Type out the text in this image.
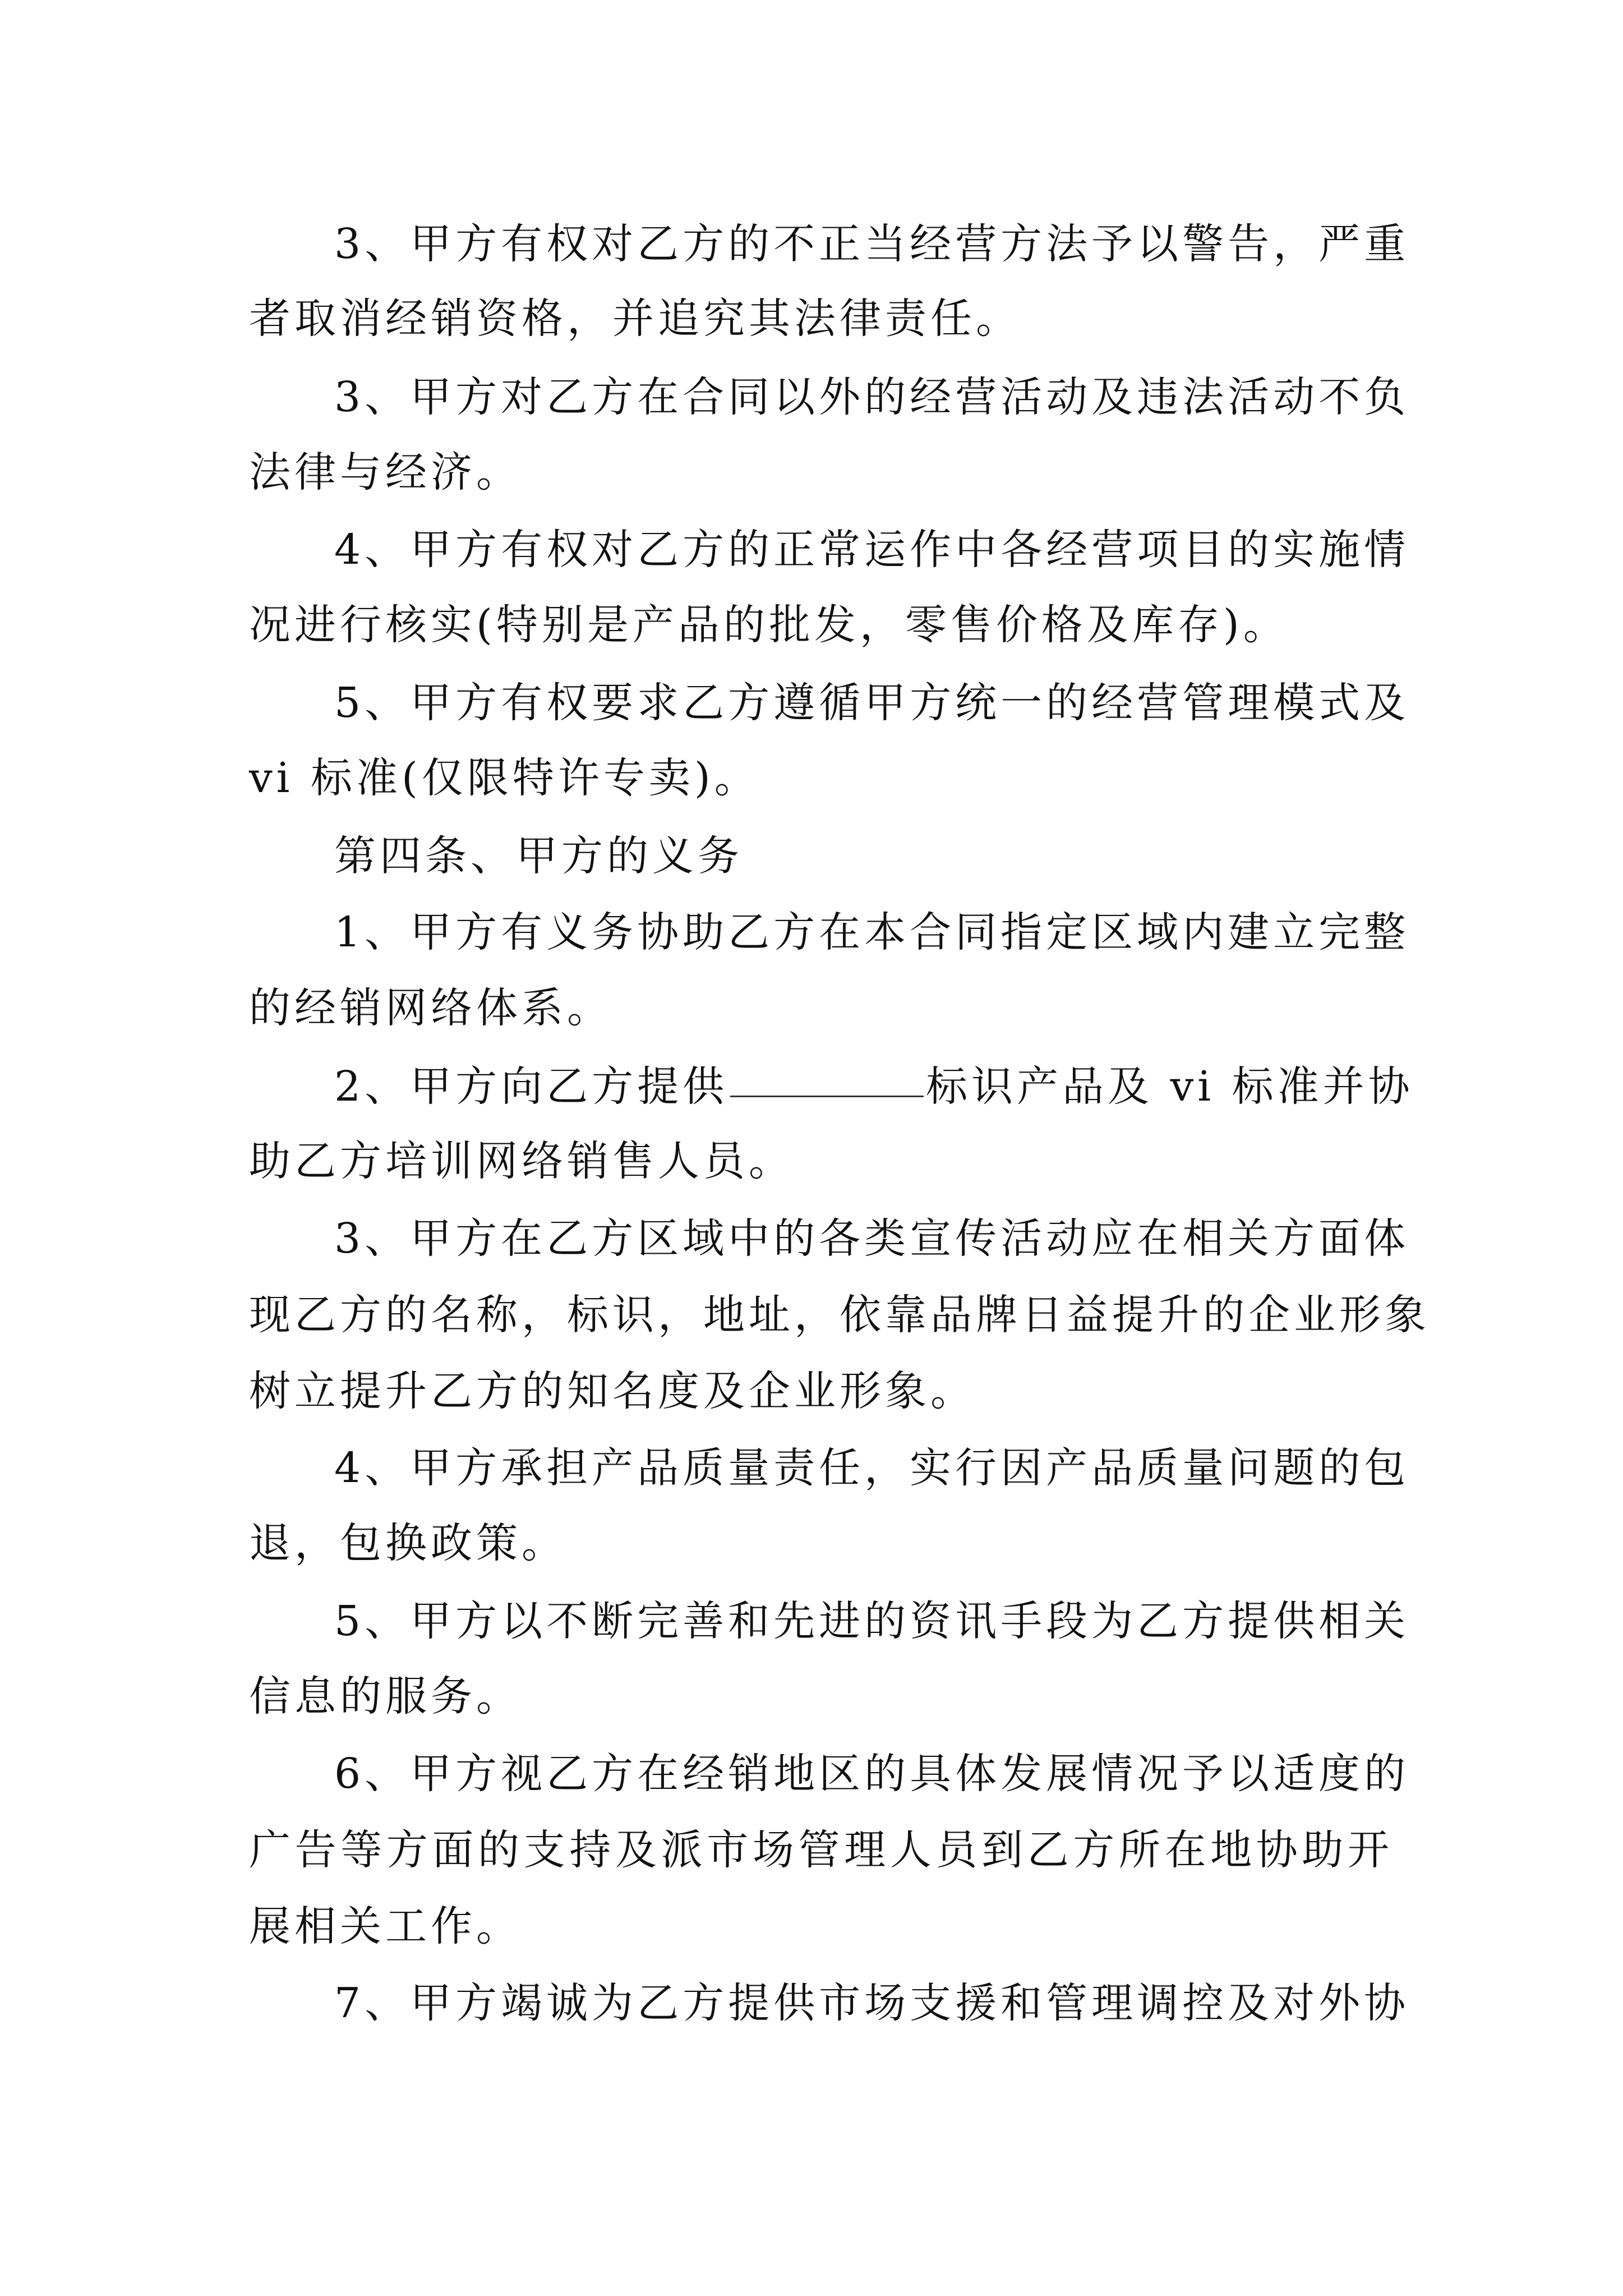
3、甲方有权对乙方的不正当经营方法予以警告，严重
者取消经销资格，并追究其法律责任。
3、甲方对乙方在合同以外的经营活动及违法活动不负
法律与经济。
4、甲方有权对乙方的正常运作中各经营项目的实施情
况进行核实(特别是产品的批发，零售价格及库存)。
5、甲方有权要求乙方遵循甲方统一的经营管理模式及
vi 标准(仅限特许专卖)。
第四条、甲方的义务
1、甲方有义务协助乙方在本合同指定区域内建立完整
的经销网络体系。
2、甲方向乙方提供	标识产品及 vi 标准并协
助乙方培训网络销售人员。
3、甲方在乙方区域中的各类宣传活动应在相关方面体
现乙方的名称，标识，地址，依靠品牌日益提升的企业形象
树立提升乙方的知名度及企业形象。
4、甲方承担产品质量责任，实行因产品质量问题的包
退，包换政策。
5、甲方以不断完善和先进的资讯手段为乙方提供相关
信息的服务。
6、甲方视乙方在经销地区的具体发展情况予以适度的
广告等方面的支持及派市场管理人员到乙方所在地协助开
展相关工作。
7、甲方竭诚为乙方提供市场支援和管理调控及对外协
